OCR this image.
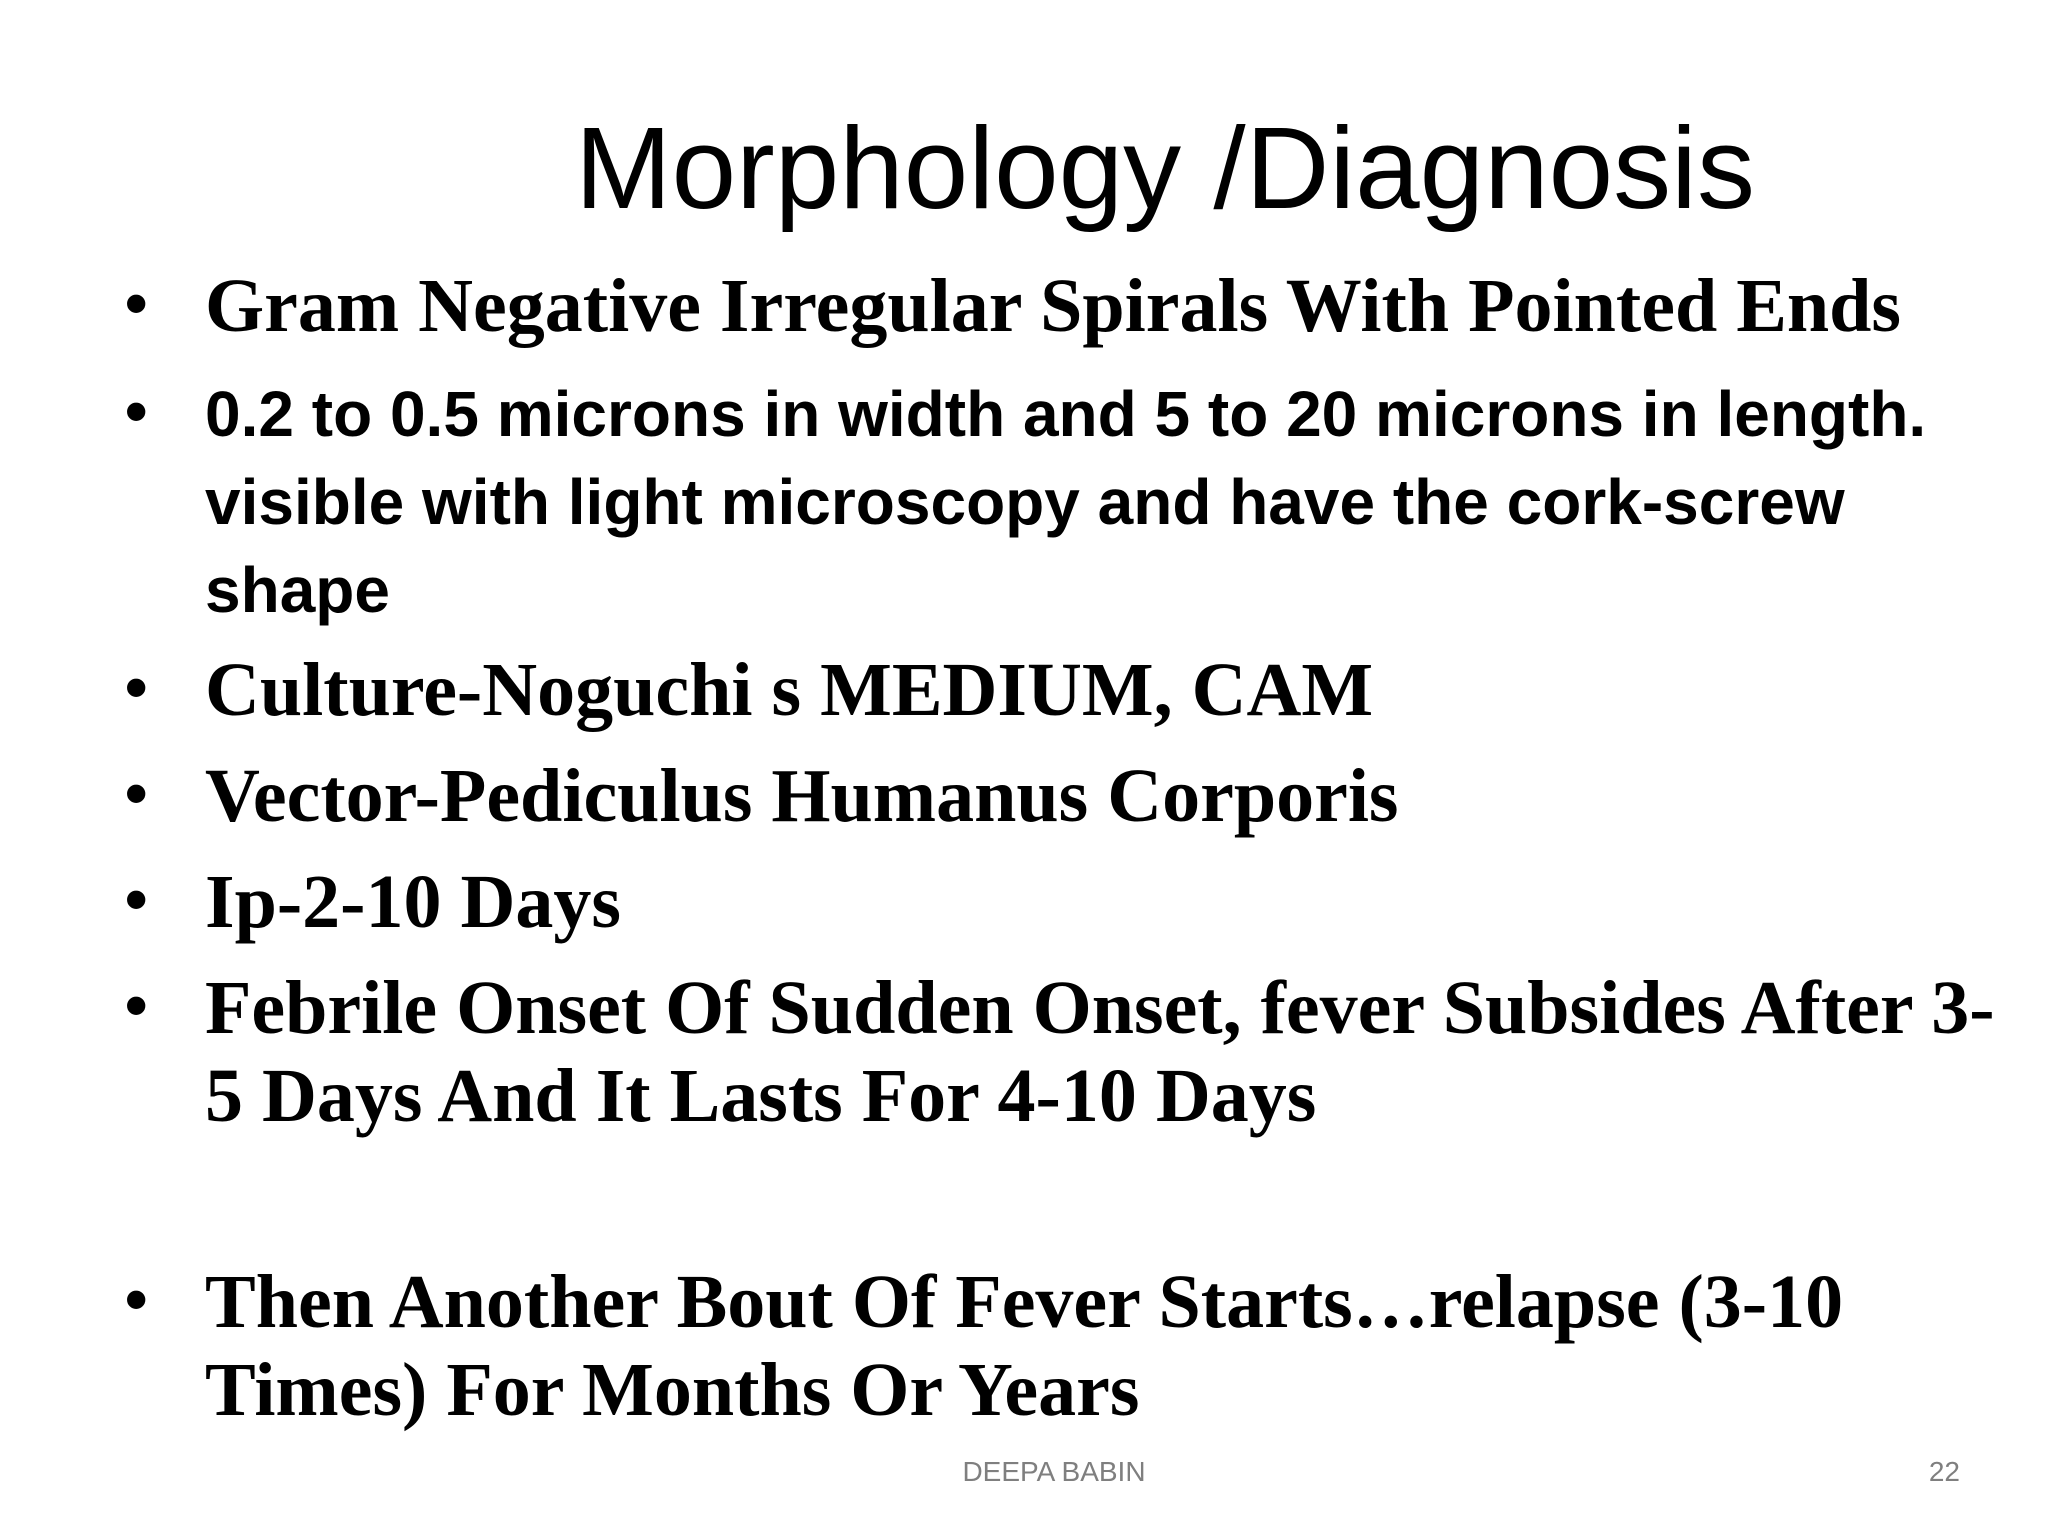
Morphology /Diagnosis
• Gram Negative Irregular Spirals With Pointed Ends
• 0.2 to 0.5 microns in width and 5 to 20 microns in length. visible with light microscopy and have the cork-screw shape
• Culture-Noguchi s MEDIUM, CAM
• Vector-Pediculus Humanus Corporis
• Ip-2-10 Days
• Febrile Onset Of Sudden Onset, fever Subsides After 3-5 Days And It Lasts For 4-10 Days
• Then Another Bout Of Fever Starts…relapse (3-10 Times) For Months Or Years
DEEPA BABIN	22
